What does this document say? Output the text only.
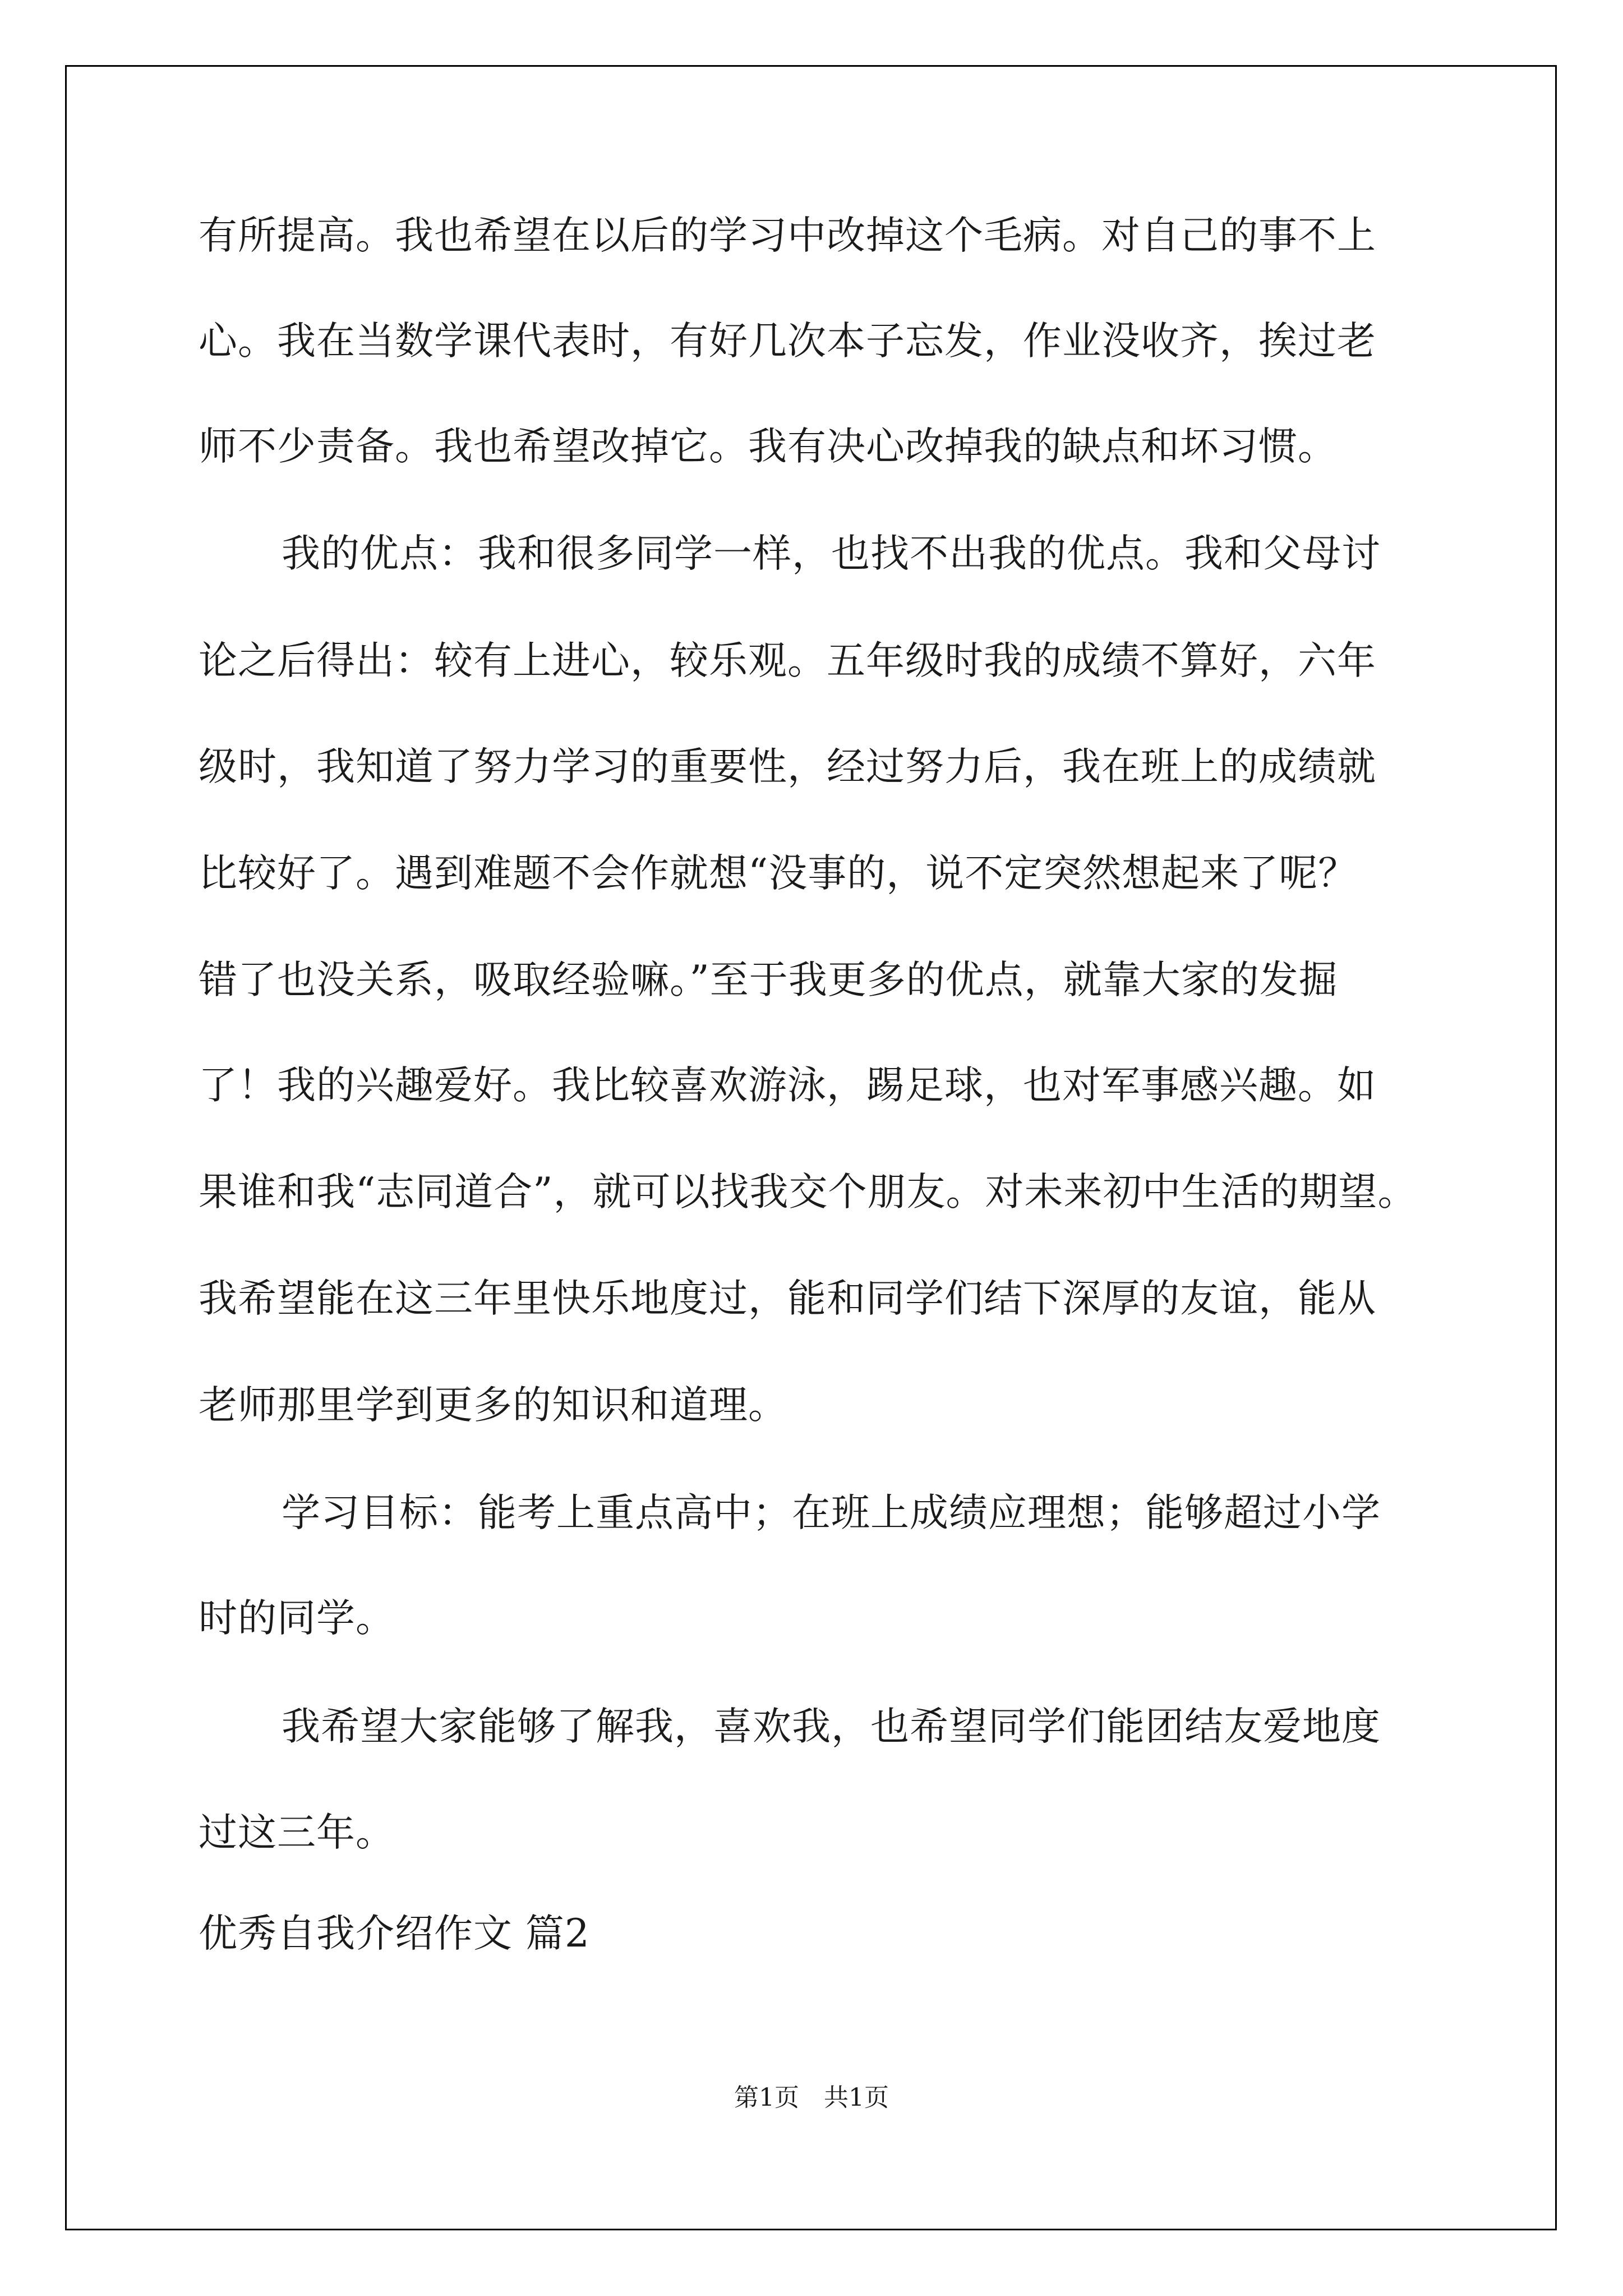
有所提高。我也希望在以后的学习中改掉这个毛病。对自己的事不上
心。我在当数学课代表时，有好几次本子忘发，作业没收齐，挨过老
师不少责备。我也希望改掉它。我有决心改掉我的缺点和坏习惯。
我的优点：我和很多同学一样，也找不出我的优点。我和父母讨
论之后得出：较有上进心，较乐观。五年级时我的成绩不算好，六年
级时，我知道了努力学习的重要性，经过努力后，我在班上的成绩就
比较好了。遇到难题不会作就想“没事的，说不定突然想起来了呢？
错了也没关系，吸取经验嘛。”至于我更多的优点，就靠大家的发掘
了！我的兴趣爱好。我比较喜欢游泳，踢足球，也对军事感兴趣。如
果谁和我“志同道合”，就可以找我交个朋友。对未来初中生活的期望。
我希望能在这三年里快乐地度过，能和同学们结下深厚的友谊，能从
老师那里学到更多的知识和道理。
学习目标：能考上重点高中；在班上成绩应理想；能够超过小学
时的同学。
我希望大家能够了解我，喜欢我，也希望同学们能团结友爱地度
过这三年。
优秀自我介绍作文 篇2
第1页　共1页
